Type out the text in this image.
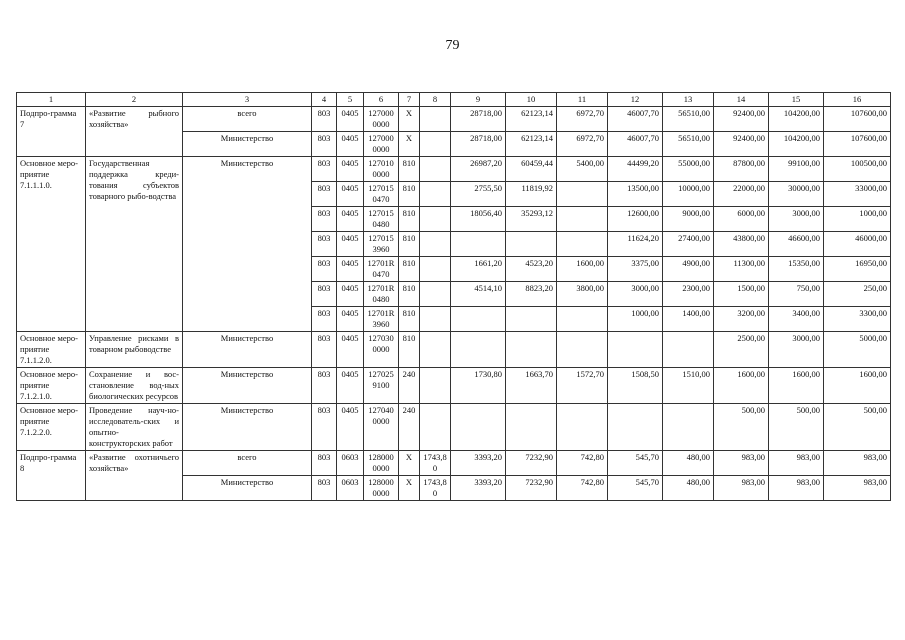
79
1	2	3	4	5	6	7	8	9	10	11	12	13	14	15	16
Подпро-грамма 7	«Развитие рыбного хозяйства»	всего	803	0405	1270000000	X		28718,00	62123,14	6972,70	46007,70	56510,00	92400,00	104200,00	107600,00
		Министерство	803	0405	1270000000	X		28718,00	62123,14	6972,70	46007,70	56510,00	92400,00	104200,00	107600,00
Основное меро-приятие 7.1.1.1.0.	Государственная поддержка креди-тования субъектов товарного рыбо-водства	Министерство	803	0405	1270100000	810		26987,20	60459,44	5400,00	44499,20	55000,00	87800,00	99100,00	100500,00
			803	0405	1270150470	810		2755,50	11819,92		13500,00	10000,00	22000,00	30000,00	33000,00
			803	0405	1270150480	810		18056,40	35293,12		12600,00	9000,00	6000,00	3000,00	1000,00
			803	0405	1270153960	810					11624,20	27400,00	43800,00	46600,00	46000,00
			803	0405	12701R0470	810		1661,20	4523,20	1600,00	3375,00	4900,00	11300,00	15350,00	16950,00
			803	0405	12701R0480	810		4514,10	8823,20	3800,00	3000,00	2300,00	1500,00	750,00	250,00
			803	0405	12701R3960	810					1000,00	1400,00	3200,00	3400,00	3300,00
Основное меро-приятие 7.1.1.2.0.	Управление рисками в товарном рыбоводстве	Министерство	803	0405	1270300000	810							2500,00	3000,00	5000,00
Основное меро-приятие 7.1.2.1.0.	Сохранение и вос-становление вод-ных биологических ресурсов	Министерство	803	0405	1270259100	240		1730,80	1663,70	1572,70	1508,50	1510,00	1600,00	1600,00	1600,00
Основное меро-приятие 7.1.2.2.0.	Проведение науч-но-исследователь-ских и опытно-конструкторских работ	Министерство	803	0405	1270400000	240							500,00	500,00	500,00
Подпро-грамма 8	«Развитие охотничьего хозяйства»	всего	803	0603	1280000000	X	1743,80	3393,20	7232,90	742,80	545,70	480,00	983,00	983,00	983,00
		Министерство	803	0603	1280000000	X	1743,80	3393,20	7232,90	742,80	545,70	480,00	983,00	983,00	983,00
